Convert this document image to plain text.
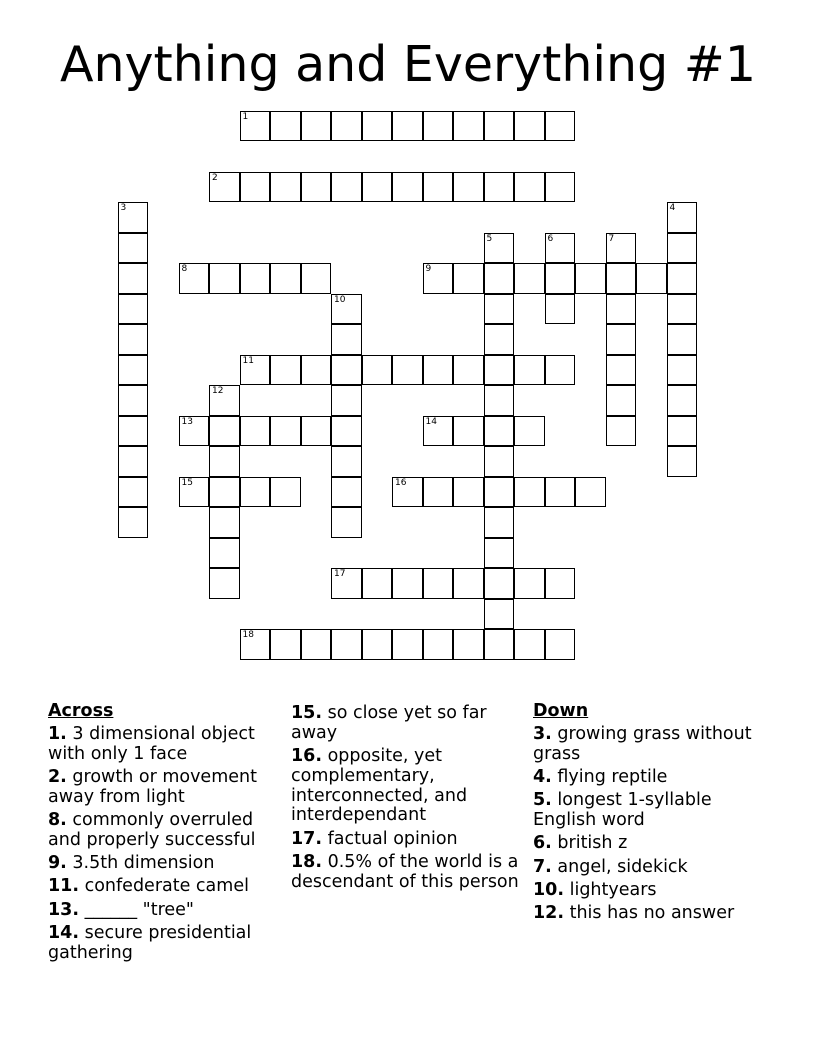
Anything and Everything #1
1
2
3	4
5	6	7
8	9
10
11
12
13	14
15	16
17
18
Across
1. 3 dimensional object with only 1 face
2. growth or movement away from light
8. commonly overruled and properly successful
9. 3.5th dimension
11. confederate camel
13. ______ "tree"
14. secure presidential gathering
15. so close yet so far away
16. opposite, yet complementary, interconnected, and interdependant
17. factual opinion
18. 0.5% of the world is a descendant of this person
Down
3. growing grass without grass
4. flying reptile
5. longest 1-syllable English word
6. british z
7. angel, sidekick
10. lightyears
12. this has no answer
